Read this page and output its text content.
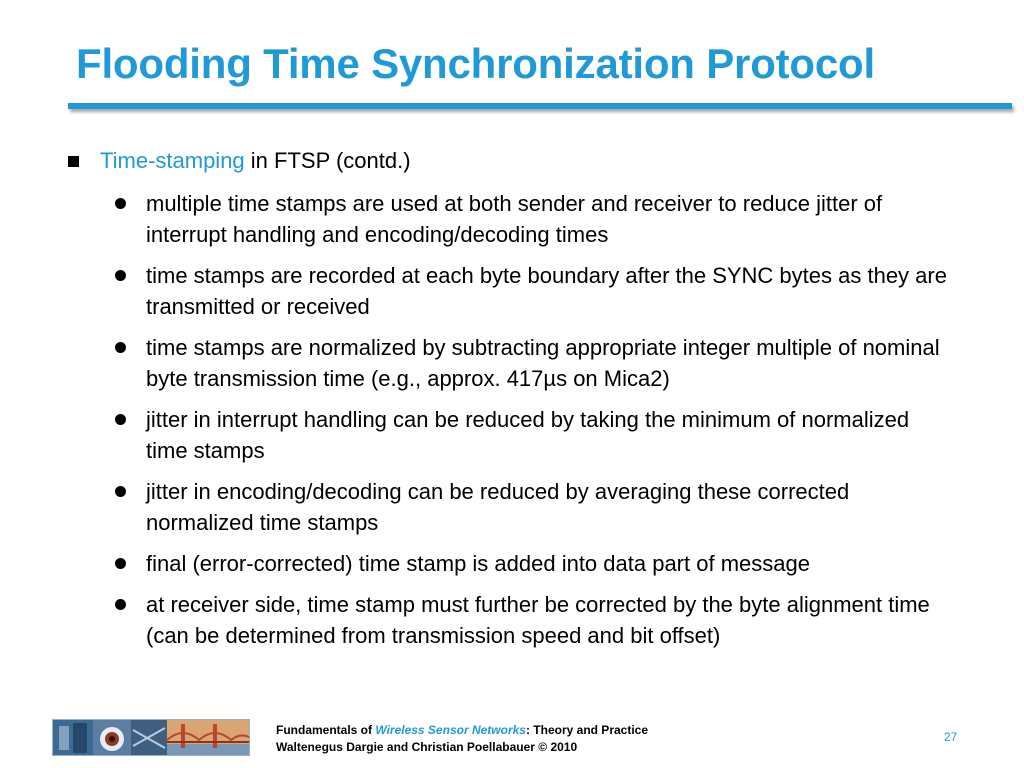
Flooding Time Synchronization Protocol
Time-stamping in FTSP (contd.)
multiple time stamps are used at both sender and receiver to reduce jitter of interrupt handling and encoding/decoding times
time stamps are recorded at each byte boundary after the SYNC bytes as they are transmitted or received
time stamps are normalized by subtracting appropriate integer multiple of nominal byte transmission time (e.g., approx. 417µs on Mica2)
jitter in interrupt handling can be reduced by taking the minimum of normalized time stamps
jitter in encoding/decoding can be reduced by averaging these corrected normalized time stamps
final (error-corrected) time stamp is added into data part of message
at receiver side, time stamp must further be corrected by the byte alignment time (can be determined from transmission speed and bit offset)
Fundamentals of Wireless Sensor Networks: Theory and Practice
Waltenegus Dargie and Christian Poellabauer © 2010
27
